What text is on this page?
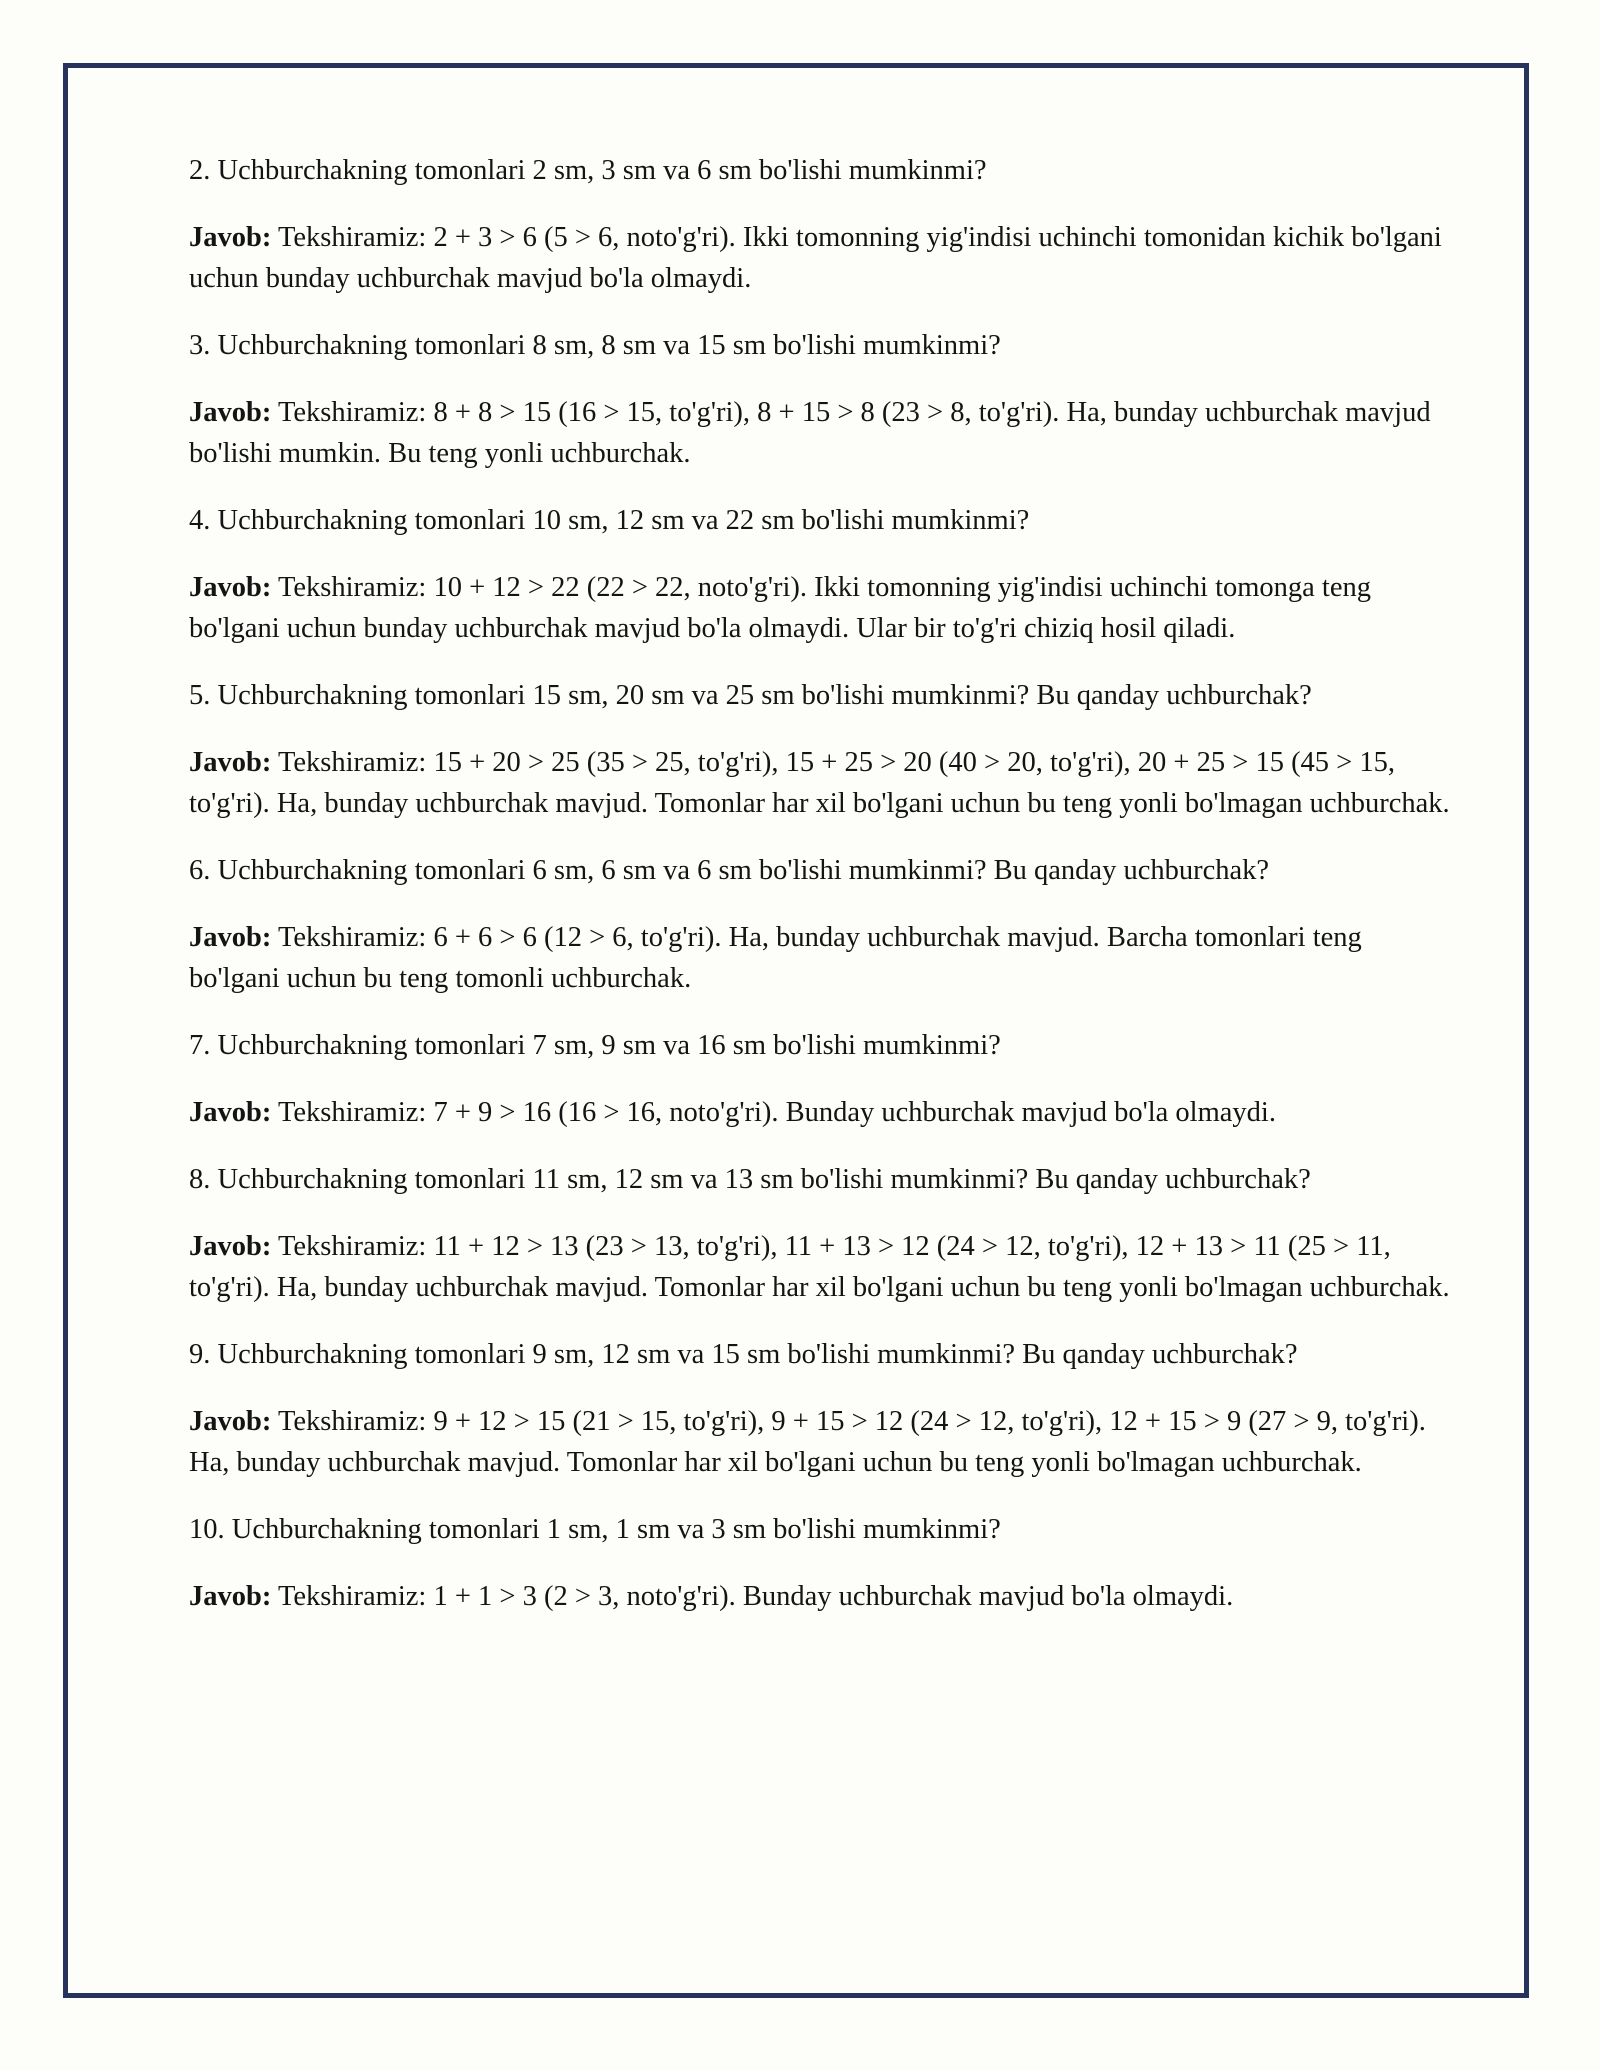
2. Uchburchakning tomonlari 2 sm, 3 sm va 6 sm bo'lishi mumkinmi?

Javob: Tekshiramiz: 2 + 3 > 6 (5 > 6, noto'g'ri). Ikki tomonning yig'indisi uchinchi tomonidan kichik bo'lgani uchun bunday uchburchak mavjud bo'la olmaydi.

3. Uchburchakning tomonlari 8 sm, 8 sm va 15 sm bo'lishi mumkinmi?

Javob: Tekshiramiz: 8 + 8 > 15 (16 > 15, to'g'ri), 8 + 15 > 8 (23 > 8, to'g'ri). Ha, bunday uchburchak mavjud bo'lishi mumkin. Bu teng yonli uchburchak.

4. Uchburchakning tomonlari 10 sm, 12 sm va 22 sm bo'lishi mumkinmi?

Javob: Tekshiramiz: 10 + 12 > 22 (22 > 22, noto'g'ri). Ikki tomonning yig'indisi uchinchi tomonga teng bo'lgani uchun bunday uchburchak mavjud bo'la olmaydi. Ular bir to'g'ri chiziq hosil qiladi.

5. Uchburchakning tomonlari 15 sm, 20 sm va 25 sm bo'lishi mumkinmi? Bu qanday uchburchak?

Javob: Tekshiramiz: 15 + 20 > 25 (35 > 25, to'g'ri), 15 + 25 > 20 (40 > 20, to'g'ri), 20 + 25 > 15 (45 > 15, to'g'ri). Ha, bunday uchburchak mavjud. Tomonlar har xil bo'lgani uchun bu teng yonli bo'lmagan uchburchak.

6. Uchburchakning tomonlari 6 sm, 6 sm va 6 sm bo'lishi mumkinmi? Bu qanday uchburchak?

Javob: Tekshiramiz: 6 + 6 > 6 (12 > 6, to'g'ri). Ha, bunday uchburchak mavjud. Barcha tomonlari teng bo'lgani uchun bu teng tomonli uchburchak.

7. Uchburchakning tomonlari 7 sm, 9 sm va 16 sm bo'lishi mumkinmi?

Javob: Tekshiramiz: 7 + 9 > 16 (16 > 16, noto'g'ri). Bunday uchburchak mavjud bo'la olmaydi.

8. Uchburchakning tomonlari 11 sm, 12 sm va 13 sm bo'lishi mumkinmi? Bu qanday uchburchak?

Javob: Tekshiramiz: 11 + 12 > 13 (23 > 13, to'g'ri), 11 + 13 > 12 (24 > 12, to'g'ri), 12 + 13 > 11 (25 > 11, to'g'ri). Ha, bunday uchburchak mavjud. Tomonlar har xil bo'lgani uchun bu teng yonli bo'lmagan uchburchak.

9. Uchburchakning tomonlari 9 sm, 12 sm va 15 sm bo'lishi mumkinmi? Bu qanday uchburchak?

Javob: Tekshiramiz: 9 + 12 > 15 (21 > 15, to'g'ri), 9 + 15 > 12 (24 > 12, to'g'ri), 12 + 15 > 9 (27 > 9, to'g'ri). Ha, bunday uchburchak mavjud. Tomonlar har xil bo'lgani uchun bu teng yonli bo'lmagan uchburchak.

10. Uchburchakning tomonlari 1 sm, 1 sm va 3 sm bo'lishi mumkinmi?

Javob: Tekshiramiz: 1 + 1 > 3 (2 > 3, noto'g'ri). Bunday uchburchak mavjud bo'la olmaydi.
